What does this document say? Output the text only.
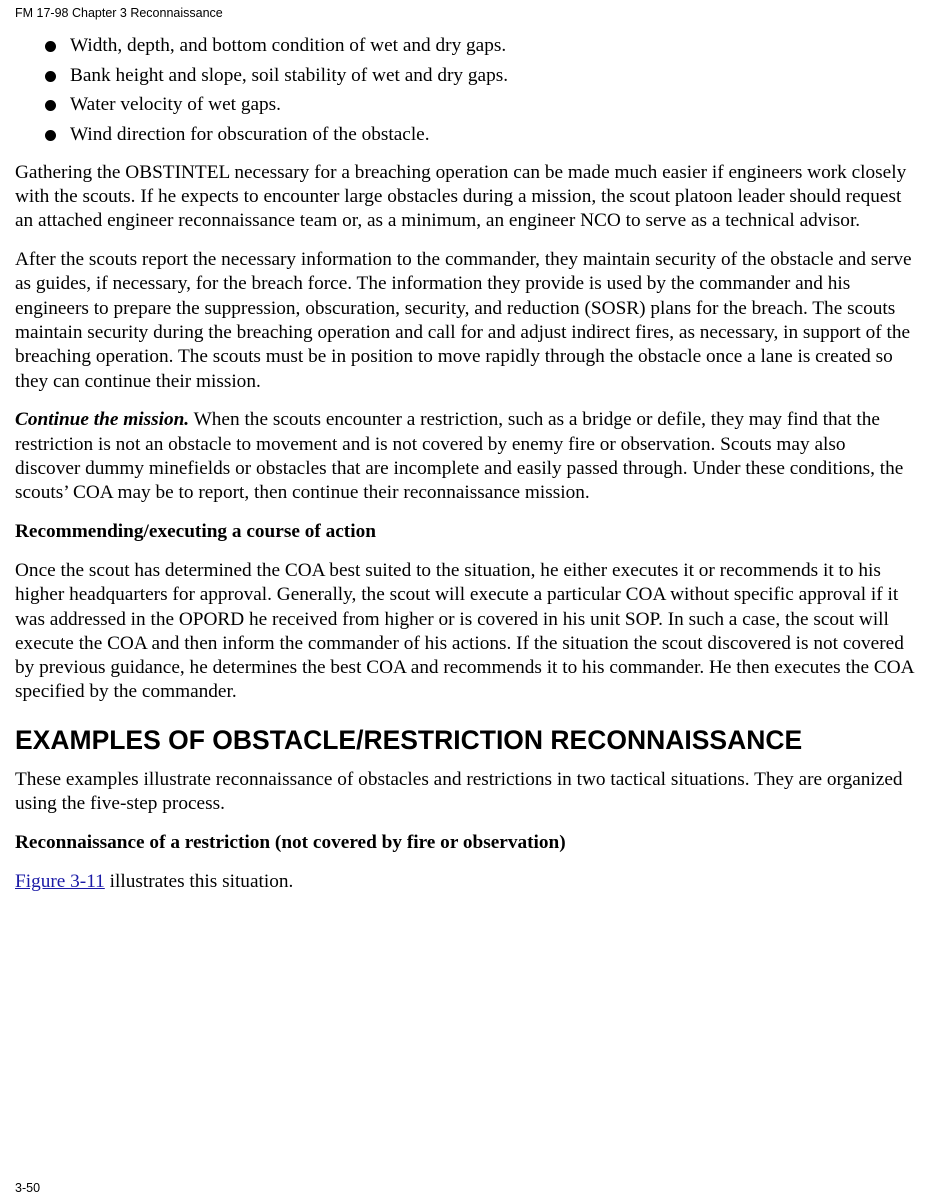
FM 17-98 Chapter 3 Reconnaissance
Width, depth, and bottom condition of wet and dry gaps.
Bank height and slope, soil stability of wet and dry gaps.
Water velocity of wet gaps.
Wind direction for obscuration of the obstacle.

Gathering the OBSTINTEL necessary for a breaching operation can be made much easier if engineers work closely with the scouts. If he expects to encounter large obstacles during a mission, the scout platoon leader should request an attached engineer reconnaissance team or, as a minimum, an engineer NCO to serve as a technical advisor.

After the scouts report the necessary information to the commander, they maintain security of the obstacle and serve as guides, if necessary, for the breach force. The information they provide is used by the commander and his engineers to prepare the suppression, obscuration, security, and reduction (SOSR) plans for the breach. The scouts maintain security during the breaching operation and call for and adjust indirect fires, as necessary, in support of the breaching operation. The scouts must be in position to move rapidly through the obstacle once a lane is created so they can continue their mission.

Continue the mission. When the scouts encounter a restriction, such as a bridge or defile, they may find that the restriction is not an obstacle to movement and is not covered by enemy fire or observation. Scouts may also discover dummy minefields or obstacles that are incomplete and easily passed through. Under these conditions, the scouts’ COA may be to report, then continue their reconnaissance mission.

Recommending/executing a course of action

Once the scout has determined the COA best suited to the situation, he either executes it or recommends it to his higher headquarters for approval. Generally, the scout will execute a particular COA without specific approval if it was addressed in the OPORD he received from higher or is covered in his unit SOP. In such a case, the scout will execute the COA and then inform the commander of his actions. If the situation the scout discovered is not covered by previous guidance, he determines the best COA and recommends it to his commander. He then executes the COA specified by the commander.

EXAMPLES OF OBSTACLE/RESTRICTION RECONNAISSANCE

These examples illustrate reconnaissance of obstacles and restrictions in two tactical situations. They are organized using the five-step process.

Reconnaissance of a restriction (not covered by fire or observation)

Figure 3-11 illustrates this situation.

3-50
